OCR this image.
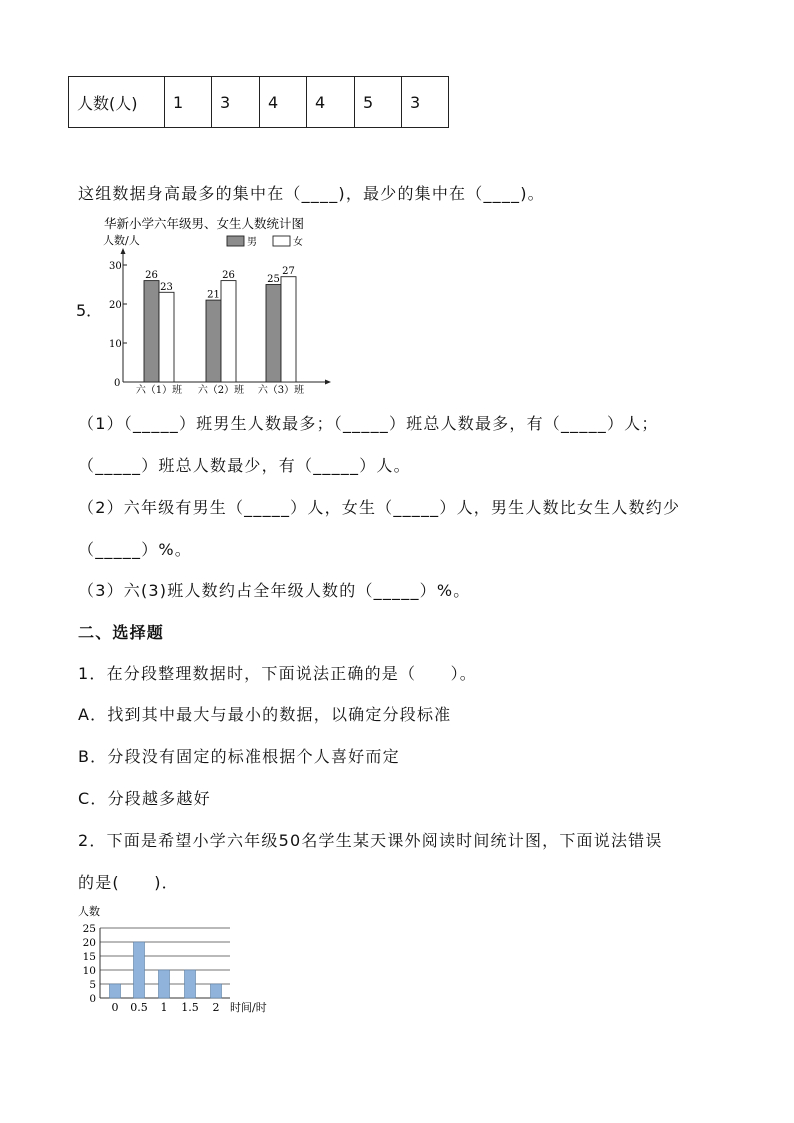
人数(人)	1	3	4	4	5	3
这组数据身高最多的集中在（____)，最少的集中在（____)。
5．
华新小学六年级男、女生人数统计图
人数/人	男	女
0
10
20
30
26
23
21
26	25
27
六（1）班 六（2）班 六（3）班
（1）（_____）班男生人数最多；（_____）班总人数最多，有（_____）人；
（_____）班总人数最少，有（_____）人。
（2）六年级有男生（_____）人，女生（_____）人，男生人数比女生人数约少
（_____）%。
（3）六(3)班人数约占全年级人数的（_____）%。
二、选择题
1．在分段整理数据时，下面说法正确的是（　　）。
A．找到其中最大与最小的数据，以确定分段标准
B．分段没有固定的标准根据个人喜好而定
C．分段越多越好
2．下面是希望小学六年级50名学生某天课外阅读时间统计图，下面说法错误
的是(　　)．
人数
0
5
10
15
20
25
0 0.5 1 1.5 2 时间/时
